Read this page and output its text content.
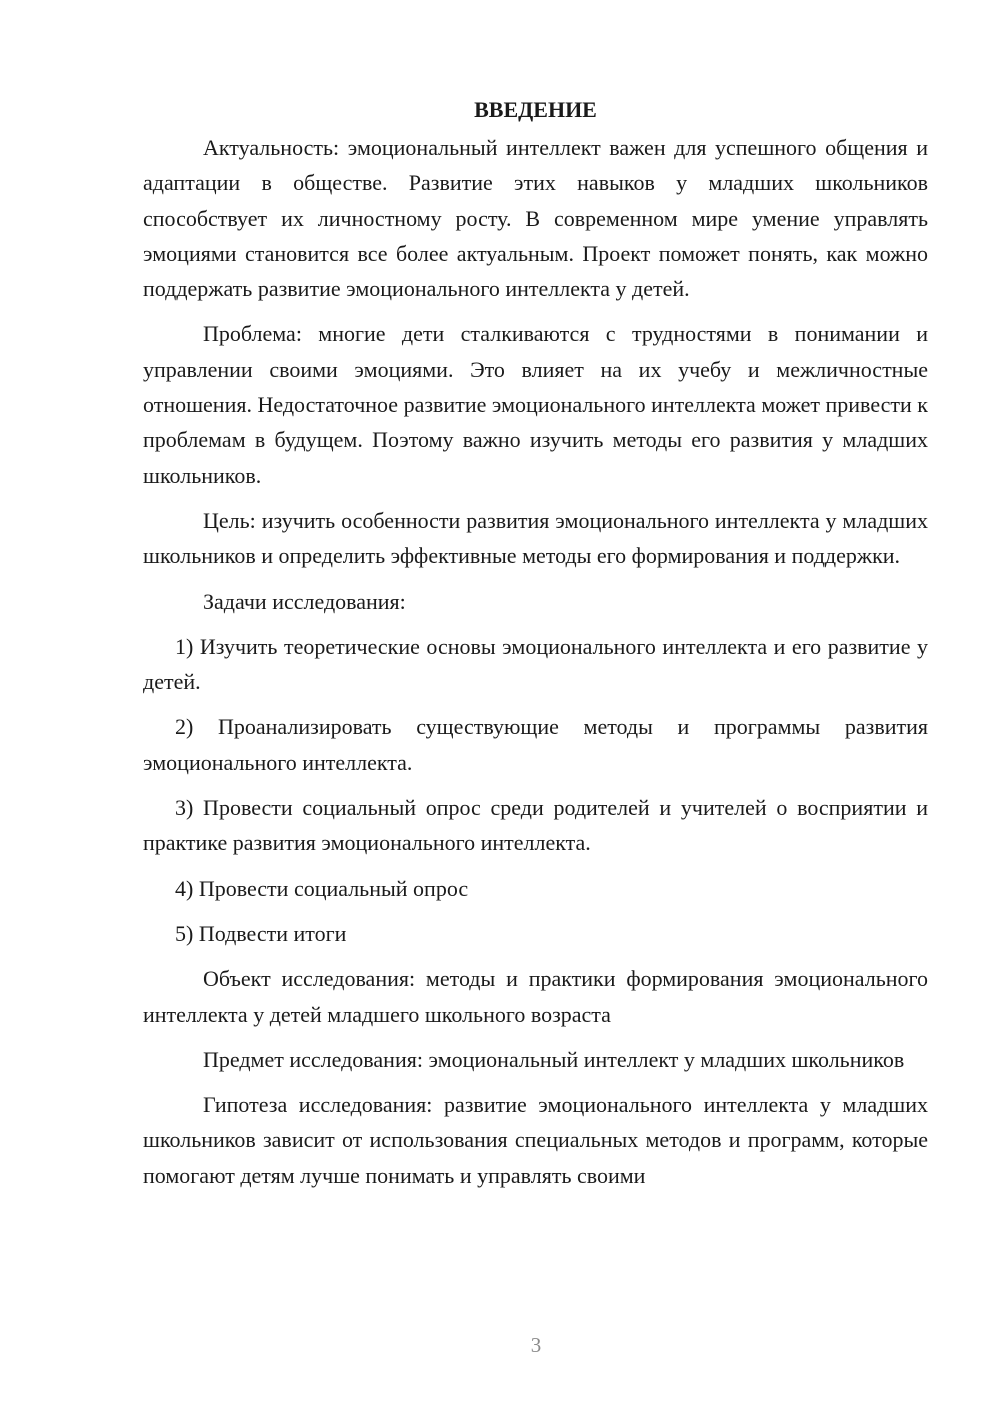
ВВЕДЕНИЕ

Актуальность: эмоциональный интеллект важен для успешного общения и адаптации в обществе. Развитие этих навыков у младших школьников способствует их личностному росту. В современном мире умение управлять эмоциями становится все более актуальным. Проект поможет понять, как можно поддержать развитие эмоционального интеллекта у детей.

Проблема: многие дети сталкиваются с трудностями в понимании и управлении своими эмоциями. Это влияет на их учебу и межличностные отношения. Недостаточное развитие эмоционального интеллекта может привести к проблемам в будущем. Поэтому важно изучить методы его развития у младших школьников.

Цель: изучить особенности развития эмоционального интеллекта у младших школьников и определить эффективные методы его формирования и поддержки.

Задачи исследования:

1) Изучить теоретические основы эмоционального интеллекта и его развитие у детей.

2) Проанализировать существующие методы и программы развития эмоционального интеллекта.

3) Провести социальный опрос среди родителей и учителей о восприятии и практике развития эмоционального интеллекта.

4) Провести социальный опрос

5) Подвести итоги

Объект исследования: методы и практики формирования эмоционального интеллекта у детей младшего школьного возраста

Предмет исследования: эмоциональный интеллект у младших школьников

Гипотеза исследования: развитие эмоционального интеллекта у младших школьников зависит от использования специальных методов и программ, которые помогают детям лучше понимать и управлять своими

3
